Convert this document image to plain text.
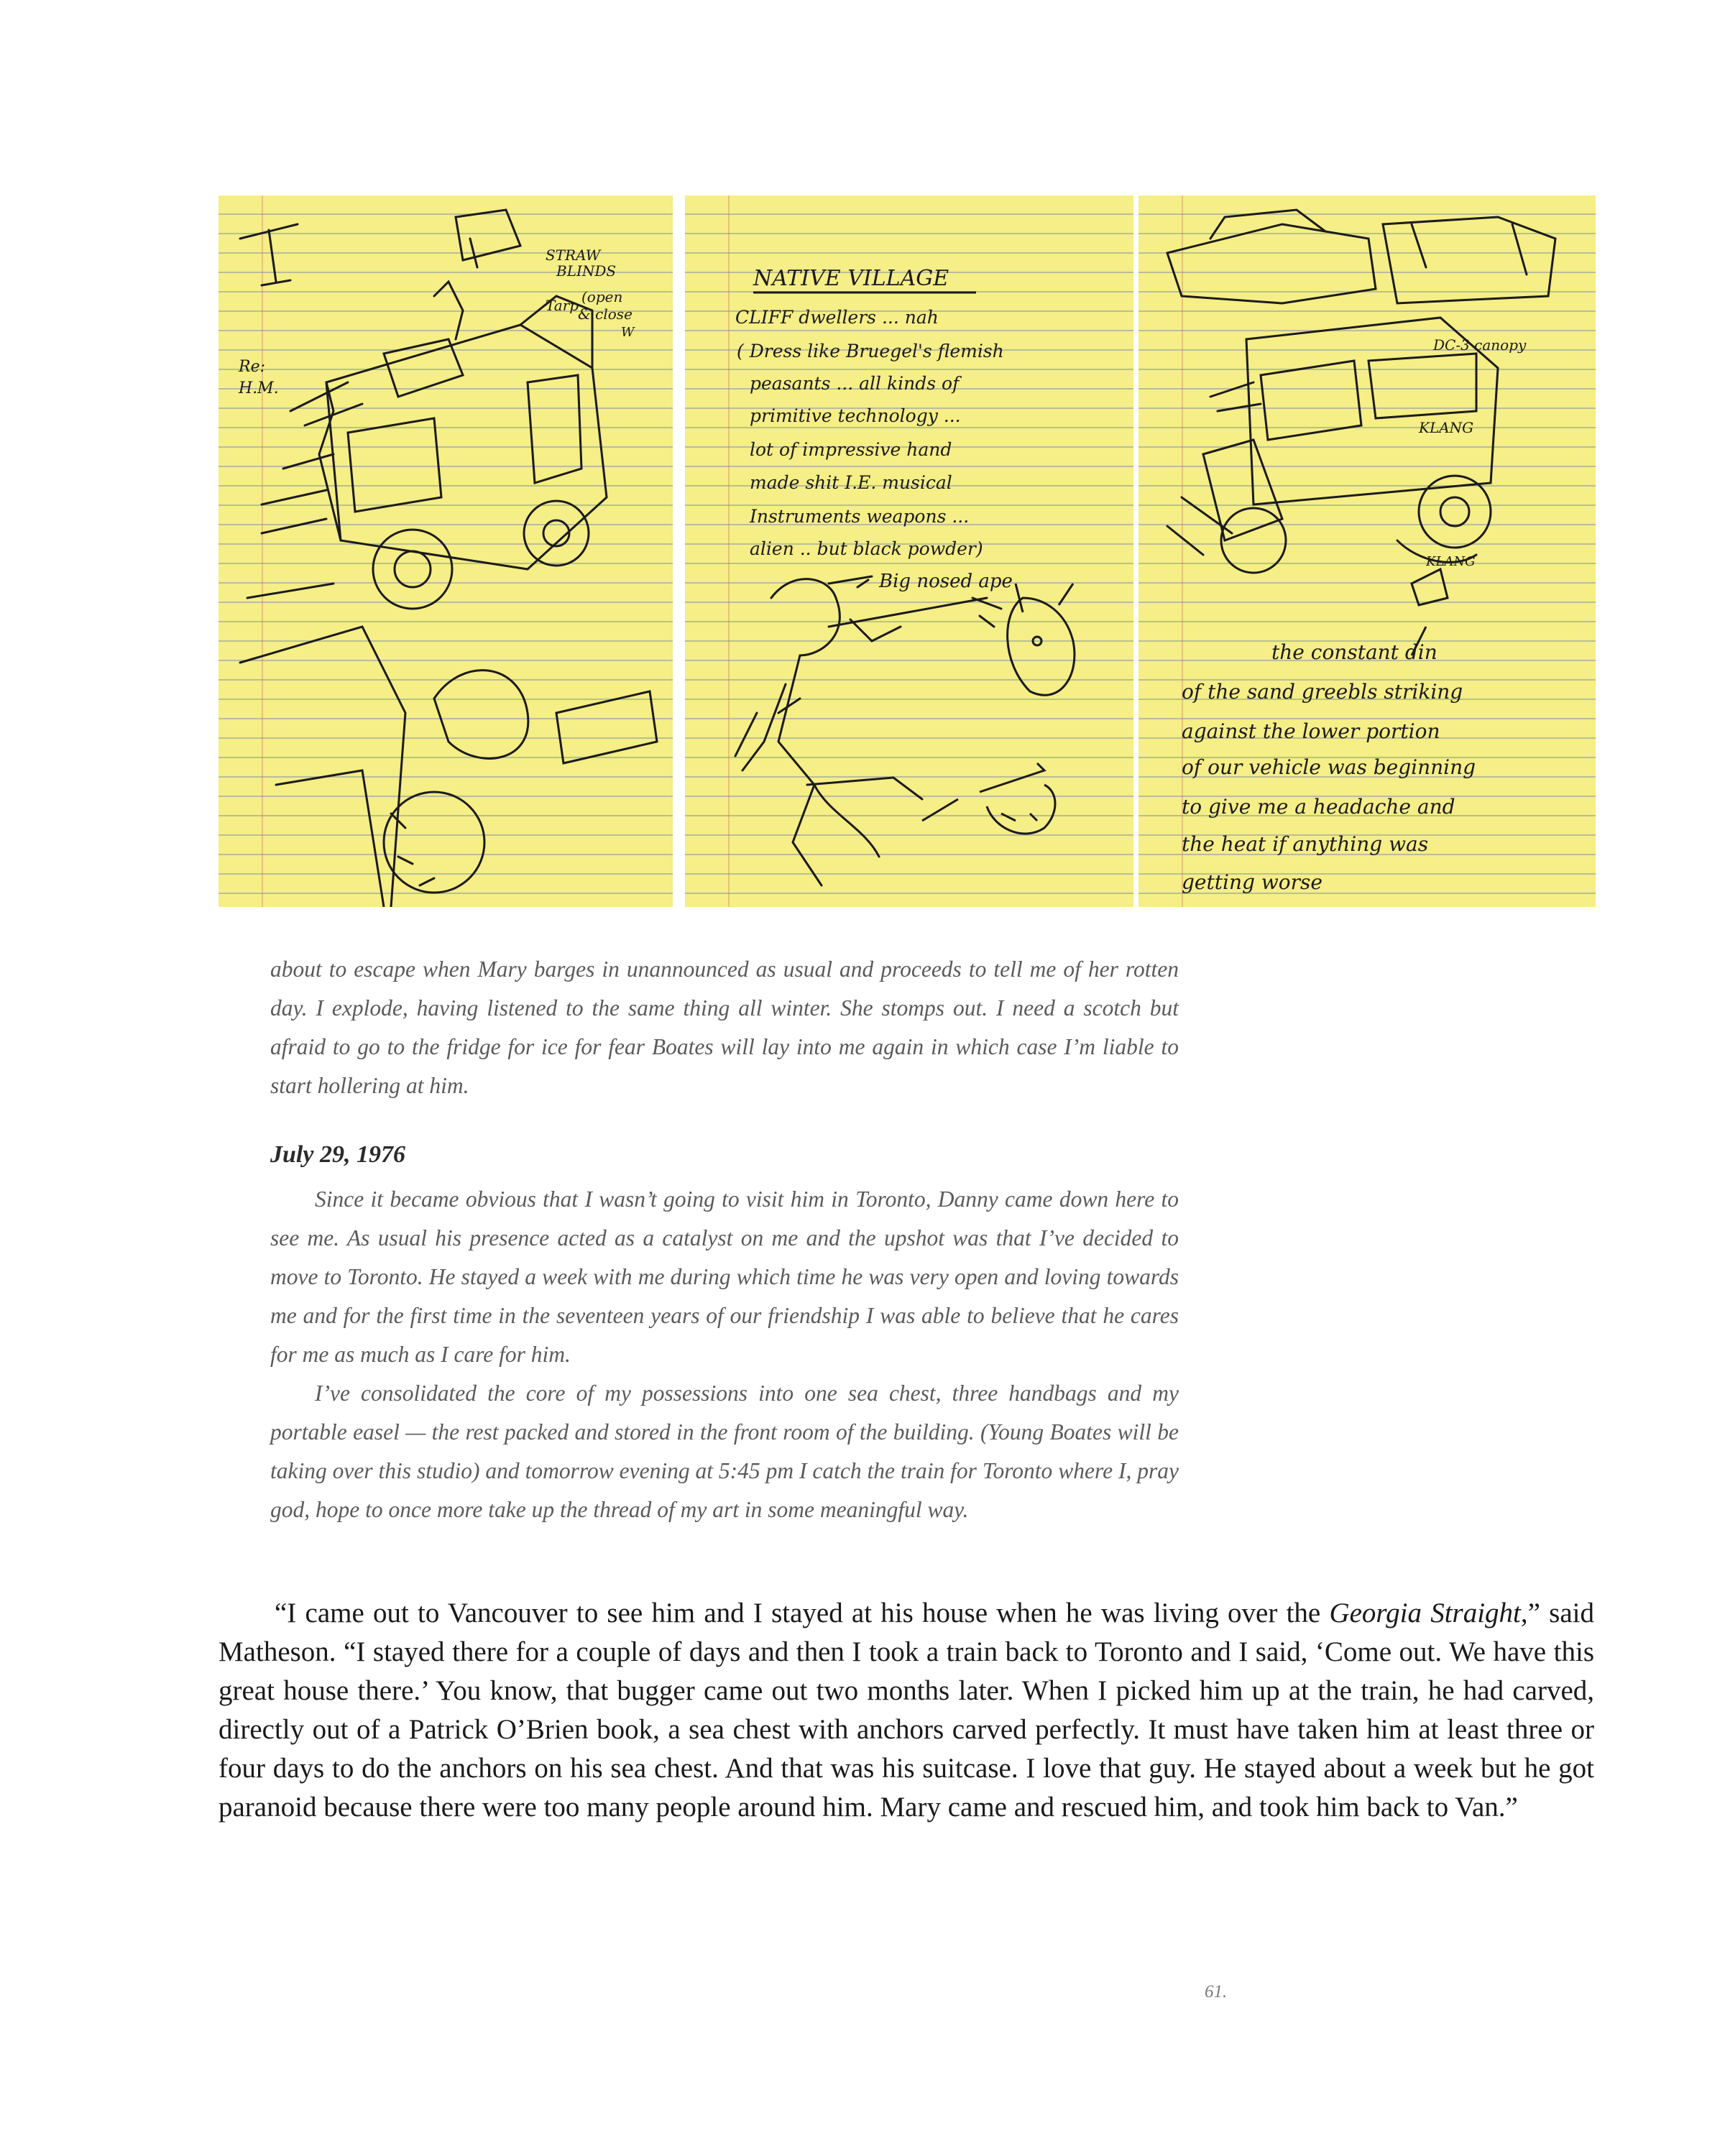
STRAW
BLINDS
Tarp (open
& close
W
Re:
H.M.
NATIVE VILLAGE
CLIFF dwellers ... nah
( Dress like Bruegel's flemish
peasants ... all kinds of
primitive technology ...
lot of impressive hand
made shit I.E. musical
Instruments weapons ...
alien .. but black powder)
Big nosed ape
DC-3 canopy
KLANG
KLANG
the constant din
of the sand greebls striking
against the lower portion
of our vehicle was beginning
to give me a headache and
the heat if anything was
getting worse

about to escape when Mary barges in unannounced as usual and proceeds to tell me of her rotten day. I explode, having listened to the same thing all winter. She stomps out. I need a scotch but afraid to go to the fridge for ice for fear Boates will lay into me again in which case I’m liable to start hollering at him.

July 29, 1976

Since it became obvious that I wasn’t going to visit him in Toronto, Danny came down here to see me. As usual his presence acted as a catalyst on me and the upshot was that I’ve decided to move to Toronto. He stayed a week with me during which time he was very open and loving towards me and for the first time in the seventeen years of our friendship I was able to believe that he cares for me as much as I care for him.

I’ve consolidated the core of my possessions into one sea chest, three handbags and my portable easel — the rest packed and stored in the front room of the building. (Young Boates will be taking over this studio) and tomorrow evening at 5:45 pm I catch the train for Toronto where I, pray god, hope to once more take up the thread of my art in some meaningful way.

“I came out to Vancouver to see him and I stayed at his house when he was living over the Georgia Straight,” said Matheson. “I stayed there for a couple of days and then I took a train back to Toronto and I said, ‘Come out. We have this great house there.’ You know, that bugger came out two months later. When I picked him up at the train, he had carved, directly out of a Patrick O’Brien book, a sea chest with anchors carved perfectly. It must have taken him at least three or four days to do the anchors on his sea chest. And that was his suitcase. I love that guy. He stayed about a week but he got paranoid because there were too many people around him. Mary came and rescued him, and took him back to Van.”

61.
